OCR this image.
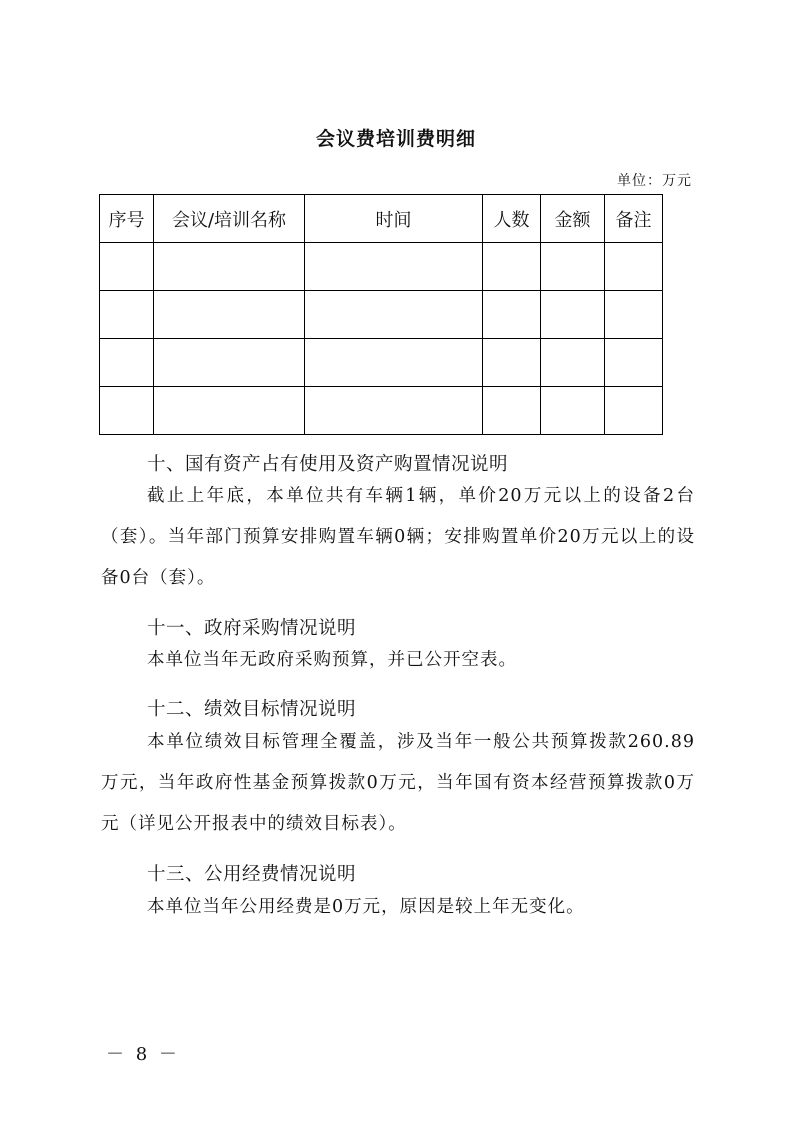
会议费培训费明细
单位：万元
序号	会议/培训名称	时间	人数	金额	备注

十、国有资产占有使用及资产购置情况说明
截止上年底，本单位共有车辆1辆，单价20万元以上的设备2台（套）。当年部门预算安排购置车辆0辆；安排购置单价20万元以上的设备0台（套）。
十一、政府采购情况说明
本单位当年无政府采购预算，并已公开空表。
十二、绩效目标情况说明
本单位绩效目标管理全覆盖，涉及当年一般公共预算拨款260.89万元，当年政府性基金预算拨款0万元，当年国有资本经营预算拨款0万元（详见公开报表中的绩效目标表）。
十三、公用经费情况说明
本单位当年公用经费是0万元，原因是较上年无变化。
－ 8 －
